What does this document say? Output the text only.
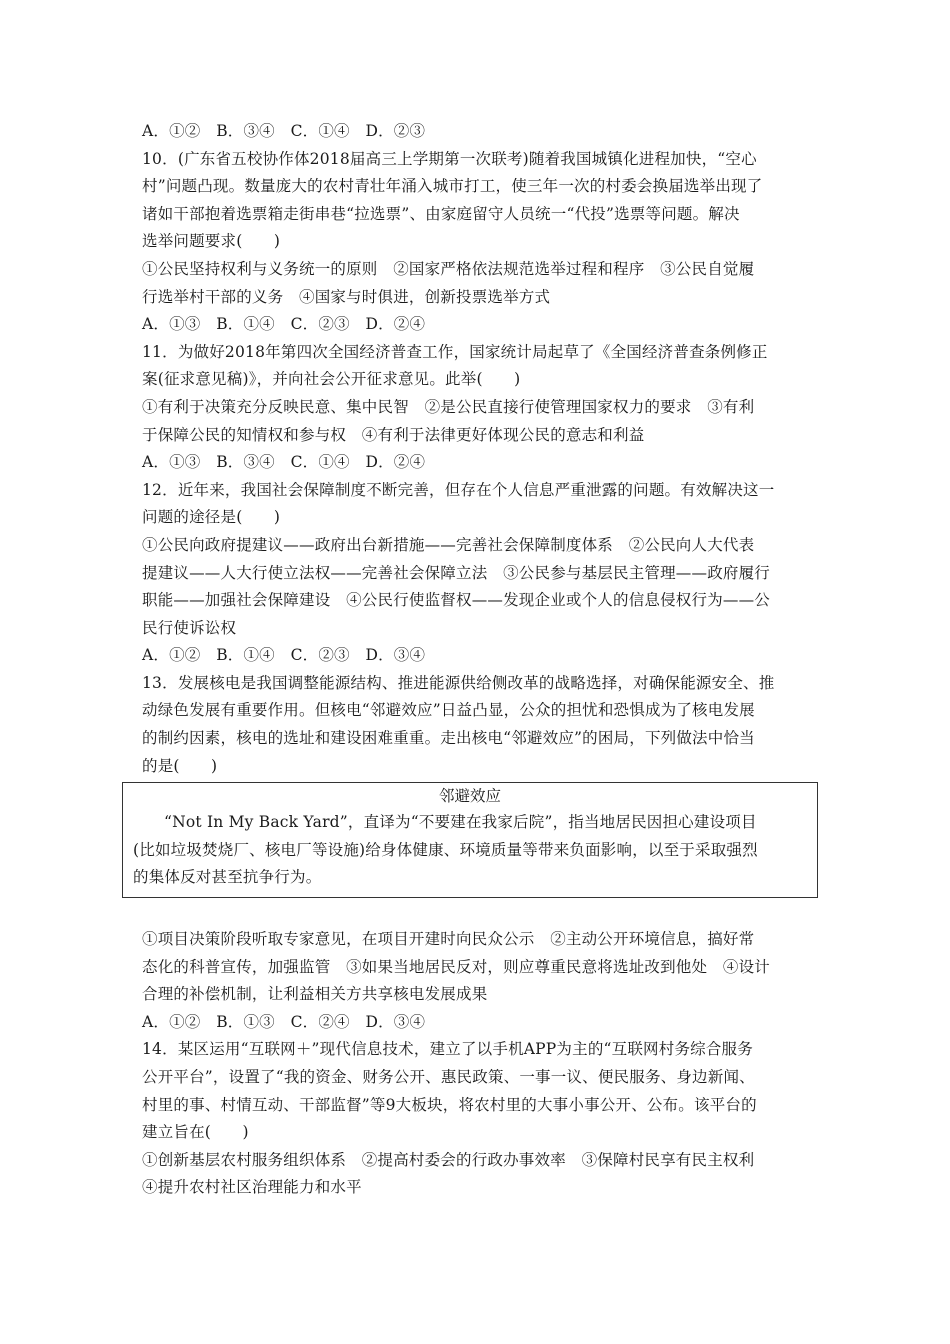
A．①②　B．③④　C．①④　D．②③
10．(广东省五校协作体2018届高三上学期第一次联考)随着我国城镇化进程加快，“空心
村”问题凸现。数量庞大的农村青壮年涌入城市打工，使三年一次的村委会换届选举出现了
诸如干部抱着选票箱走街串巷“拉选票”、由家庭留守人员统一“代投”选票等问题。解决
选举问题要求(　　)
①公民坚持权利与义务统一的原则　②国家严格依法规范选举过程和程序　③公民自觉履
行选举村干部的义务　④国家与时俱进，创新投票选举方式
A．①③　B．①④　C．②③　D．②④
11．为做好2018年第四次全国经济普查工作，国家统计局起草了《全国经济普查条例修正
案(征求意见稿)》，并向社会公开征求意见。此举(　　)
①有利于决策充分反映民意、集中民智　②是公民直接行使管理国家权力的要求　③有利
于保障公民的知情权和参与权　④有利于法律更好体现公民的意志和利益
A．①③　B．③④　C．①④　D．②④
12．近年来，我国社会保障制度不断完善，但存在个人信息严重泄露的问题。有效解决这一
问题的途径是(　　)
①公民向政府提建议——政府出台新措施——完善社会保障制度体系　②公民向人大代表
提建议——人大行使立法权——完善社会保障立法　③公民参与基层民主管理——政府履行
职能——加强社会保障建设　④公民行使监督权——发现企业或个人的信息侵权行为——公
民行使诉讼权
A．①②　B．①④　C．②③　D．③④
13．发展核电是我国调整能源结构、推进能源供给侧改革的战略选择，对确保能源安全、推
动绿色发展有重要作用。但核电“邻避效应”日益凸显，公众的担忧和恐惧成为了核电发展
的制约因素，核电的选址和建设困难重重。走出核电“邻避效应”的困局，下列做法中恰当
的是(　　)
邻避效应
“Not In My Back Yard”，直译为“不要建在我家后院”，指当地居民因担心建设项目
(比如垃圾焚烧厂、核电厂等设施)给身体健康、环境质量等带来负面影响，以至于采取强烈
的集体反对甚至抗争行为。
①项目决策阶段听取专家意见，在项目开建时向民众公示　②主动公开环境信息，搞好常
态化的科普宣传，加强监管　③如果当地居民反对，则应尊重民意将选址改到他处　④设计
合理的补偿机制，让利益相关方共享核电发展成果
A．①②　B．①③　C．②④　D．③④
14．某区运用“互联网＋”现代信息技术，建立了以手机APP为主的“互联网村务综合服务
公开平台”，设置了“我的资金、财务公开、惠民政策、一事一议、便民服务、身边新闻、
村里的事、村情互动、干部监督”等9大板块，将农村里的大事小事公开、公布。该平台的
建立旨在(　　)
①创新基层农村服务组织体系　②提高村委会的行政办事效率　③保障村民享有民主权利
④提升农村社区治理能力和水平
